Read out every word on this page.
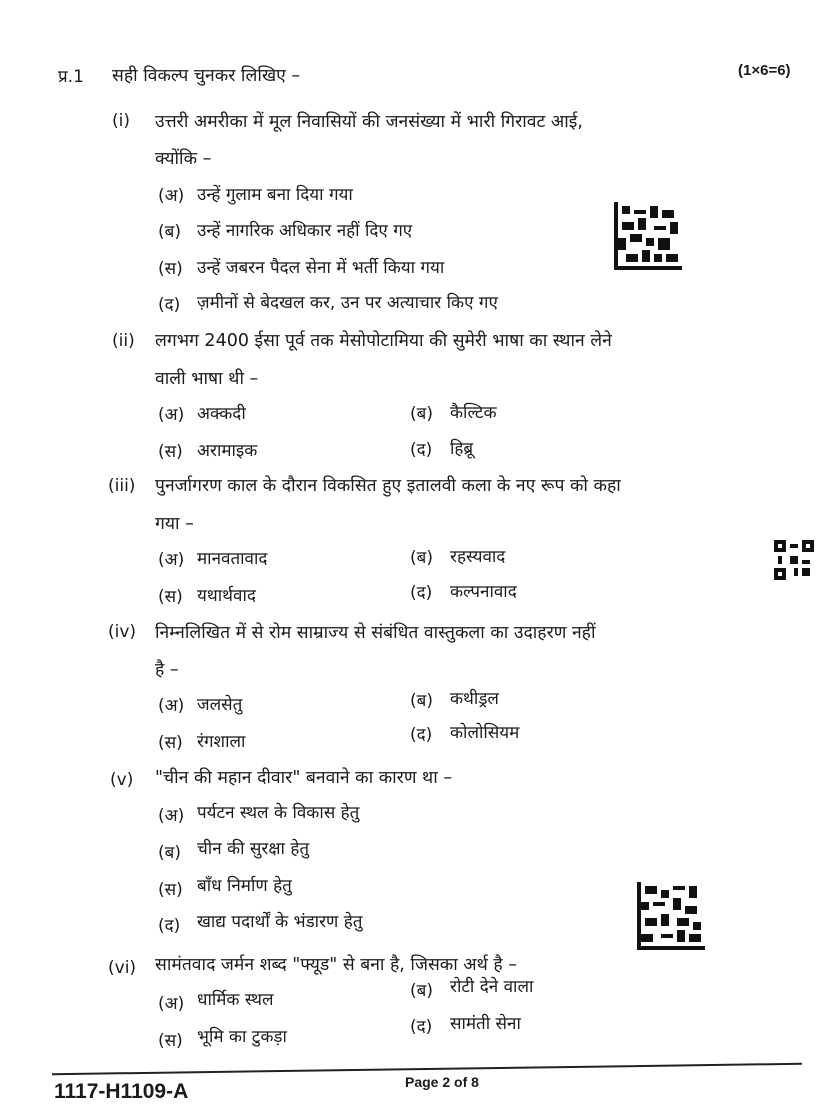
प्र.1 सही विकल्प चुनकर लिखिए –	(1×6=6)
(i) उत्तरी अमरीका में मूल निवासियों की जनसंख्या में भारी गिरावट आई,
क्योंकि –
(अ) उन्हें गुलाम बना दिया गया
(ब) उन्हें नागरिक अधिकार नहीं दिए गए
(स) उन्हें जबरन पैदल सेना में भर्ती किया गया
(द) ज़मीनों से बेदखल कर, उन पर अत्याचार किए गए
(ii) लगभग 2400 ईसा पूर्व तक मेसोपोटामिया की सुमेरी भाषा का स्थान लेने
वाली भाषा थी –
(अ) अक्कदी	(ब) कैल्टिक
(स) अरामाइक	(द) हिब्रू
(iii) पुनर्जागरण काल के दौरान विकसित हुए इतालवी कला के नए रूप को कहा
गया –
(अ) मानवतावाद	(ब) रहस्यवाद
(स) यथार्थवाद	(द) कल्पनावाद
(iv) निम्नलिखित में से रोम साम्राज्य से संबंधित वास्तुकला का उदाहरण नहीं
है –
(अ) जलसेतु	(ब) कथीड्रल
(स) रंगशाला	(द) कोलोसियम
(v) "चीन की महान दीवार" बनवाने का कारण था –
(अ) पर्यटन स्थल के विकास हेतु
(ब) चीन की सुरक्षा हेतु
(स) बाँध निर्माण हेतु
(द) खाद्य पदार्थों के भंडारण हेतु
(vi) सामंतवाद जर्मन शब्द "फ्यूड" से बना है, जिसका अर्थ है –
(अ) धार्मिक स्थल	(ब) रोटी देने वाला
(स) भूमि का टुकड़ा	(द) सामंती सेना
1117-H1109-A	Page 2 of 8
